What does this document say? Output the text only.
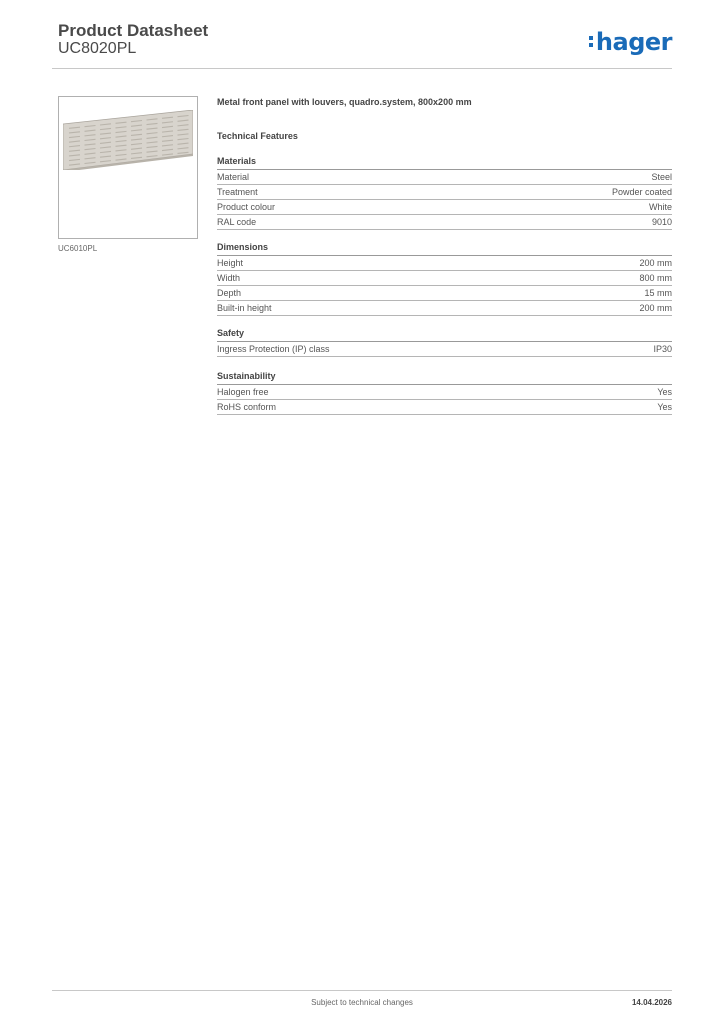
Product Datasheet
UC8020PL	hager
UC6010PL
Metal front panel with louvers, quadro.system, 800x200 mm
Technical Features
Materials
Material	Steel
Treatment	Powder coated
Product colour	White
RAL code	9010
Dimensions
Height	200 mm
Width	800 mm
Depth	15 mm
Built-in height	200 mm
Safety
Ingress Protection (IP) class	IP30
Sustainability
Halogen free	Yes
RoHS conform	Yes
Subject to technical changes	14.04.2026
